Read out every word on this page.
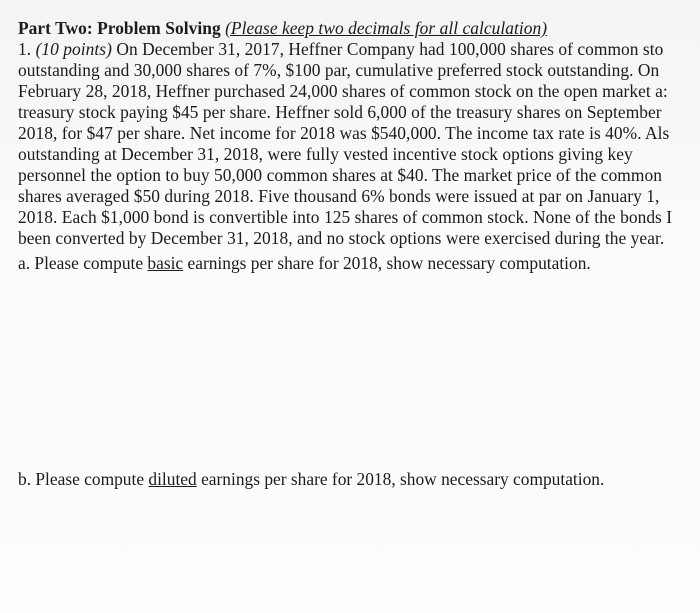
Part Two: Problem Solving (Please keep two decimals for all calculation)
1. (10 points) On December 31, 2017, Heffner Company had 100,000 shares of common sto
outstanding and 30,000 shares of 7%, $100 par, cumulative preferred stock outstanding. On
February 28, 2018, Heffner purchased 24,000 shares of common stock on the open market a:
treasury stock paying $45 per share. Heffner sold 6,000 of the treasury shares on September
2018, for $47 per share. Net income for 2018 was $540,000. The income tax rate is 40%. Als
outstanding at December 31, 2018, were fully vested incentive stock options giving key
personnel the option to buy 50,000 common shares at $40. The market price of the common
shares averaged $50 during 2018. Five thousand 6% bonds were issued at par on January 1,
2018. Each $1,000 bond is convertible into 125 shares of common stock. None of the bonds I
been converted by December 31, 2018, and no stock options were exercised during the year.
a. Please compute basic earnings per share for 2018, show necessary computation.
b. Please compute diluted earnings per share for 2018, show necessary computation.
